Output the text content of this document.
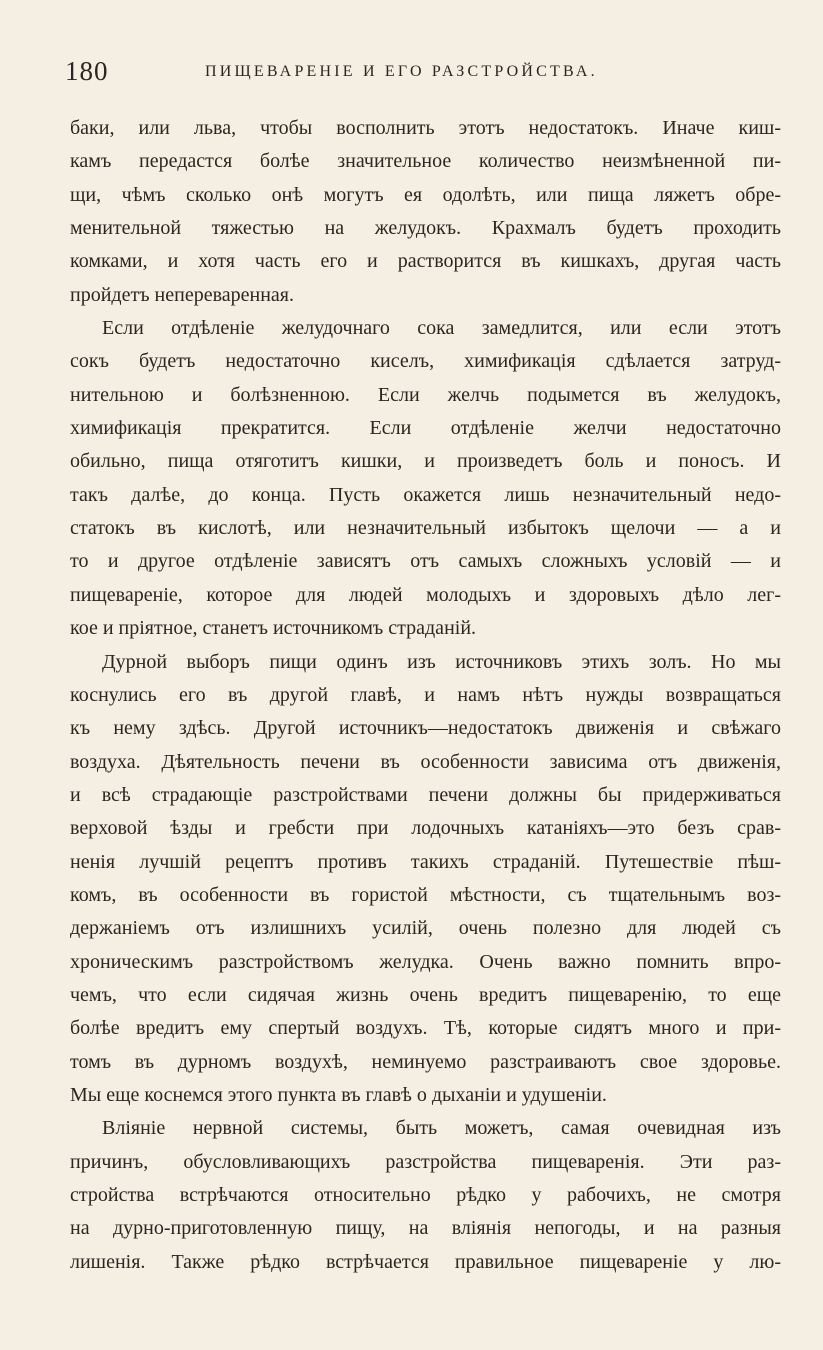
180	ПИЩЕВАРЕНІЕ И ЕГО РАЗСТРОЙСТВА.
баки, или льва, чтобы восполнить этотъ недостатокъ. Иначе киш-
камъ передастся болѣе значительное количество неизмѣненной пи-
щи, чѣмъ сколько онѣ могутъ ея одолѣть, или пища ляжетъ обре-
менительной тяжестью на желудокъ. Крахмалъ будетъ проходить
комками, и хотя часть его и растворится въ кишкахъ, другая часть
пройдетъ непереваренная.
Если отдѣленіе желудочнаго сока замедлится, или если этотъ
сокъ будетъ недостаточно киселъ, химификація сдѣлается затруд-
нительною и болѣзненною. Если желчь подымется въ желудокъ,
химификація прекратится. Если отдѣленіе желчи недостаточно
обильно, пища отяготитъ кишки, и произведетъ боль и поносъ. И
такъ далѣе, до конца. Пусть окажется лишь незначительный недо-
статокъ въ кислотѣ, или незначительный избытокъ щелочи — а и
то и другое отдѣленіе зависятъ отъ самыхъ сложныхъ условій — и
пищевареніе, которое для людей молодыхъ и здоровыхъ дѣло лег-
кое и пріятное, станетъ источникомъ страданій.
Дурной выборъ пищи одинъ изъ источниковъ этихъ золъ. Но мы
коснулись его въ другой главѣ, и намъ нѣтъ нужды возвращаться
къ нему здѣсь. Другой источникъ—недостатокъ движенія и свѣжаго
воздуха. Дѣятельность печени въ особенности зависима отъ движенія,
и всѣ страдающіе разстройствами печени должны бы придерживаться
верховой ѣзды и гребсти при лодочныхъ катаніяхъ—это безъ срав-
ненія лучшій рецептъ противъ такихъ страданій. Путешествіе пѣш-
комъ, въ особенности въ гористой мѣстности, съ тщательнымъ воз-
держаніемъ отъ излишнихъ усилій, очень полезно для людей съ
хроническимъ разстройствомъ желудка. Очень важно помнить впро-
чемъ, что если сидячая жизнь очень вредитъ пищеваренію, то еще
болѣе вредитъ ему спертый воздухъ. Тѣ, которые сидятъ много и при-
томъ въ дурномъ воздухѣ, неминуемо разстраиваютъ свое здоровье.
Мы еще коснемся этого пункта въ главѣ о дыханіи и удушеніи.
Вліяніе нервной системы, быть можетъ, самая очевидная изъ
причинъ, обусловливающихъ разстройства пищеваренія. Эти раз-
стройства встрѣчаются относительно рѣдко у рабочихъ, не смотря
на дурно-приготовленную пищу, на вліянія непогоды, и на разныя
лишенія. Также рѣдко встрѣчается правильное пищевареніе у лю-
